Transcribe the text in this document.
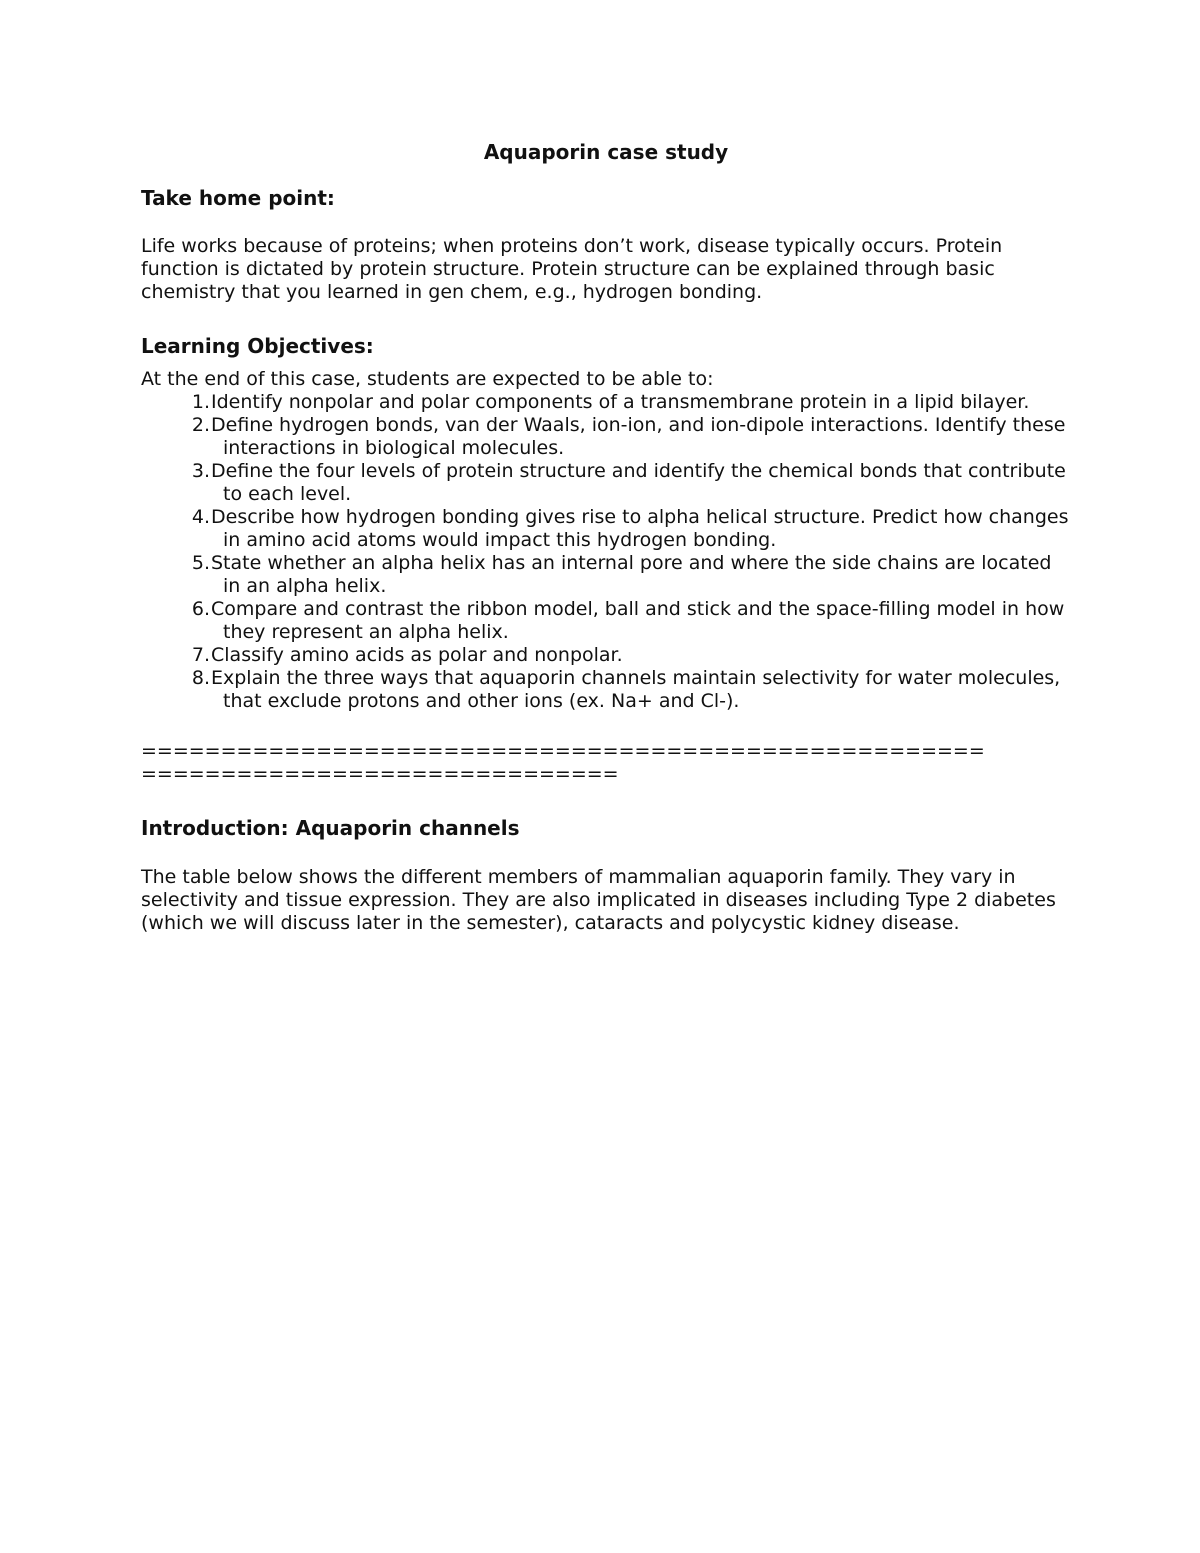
Aquaporin case study
Take home point:

Life works because of proteins; when proteins don’t work, disease typically occurs. Protein function is dictated by protein structure. Protein structure can be explained through basic chemistry that you learned in gen chem, e.g., hydrogen bonding.

Learning Objectives:

At the end of this case, students are expected to be able to:

1. Identify nonpolar and polar components of a transmembrane protein in a lipid bilayer.
2. Define hydrogen bonds, van der Waals, ion-ion, and ion-dipole interactions. Identify these interactions in biological molecules.
3. Define the four levels of protein structure and identify the chemical bonds that contribute to each level.
4. Describe how hydrogen bonding gives rise to alpha helical structure. Predict how changes in amino acid atoms would impact this hydrogen bonding.
5. State whether an alpha helix has an internal pore and where the side chains are located in an alpha helix.
6. Compare and contrast the ribbon model, ball and stick and the space-filling model in how they represent an alpha helix.
7. Classify amino acids as polar and nonpolar.
8. Explain the three ways that aquaporin channels maintain selectivity for water molecules, that exclude protons and other ions (ex. Na+ and Cl-).
=====================================================
==============================
Introduction: Aquaporin channels

The table below shows the different members of mammalian aquaporin family. They vary in selectivity and tissue expression. They are also implicated in diseases including Type 2 diabetes (which we will discuss later in the semester), cataracts and polycystic kidney disease.
